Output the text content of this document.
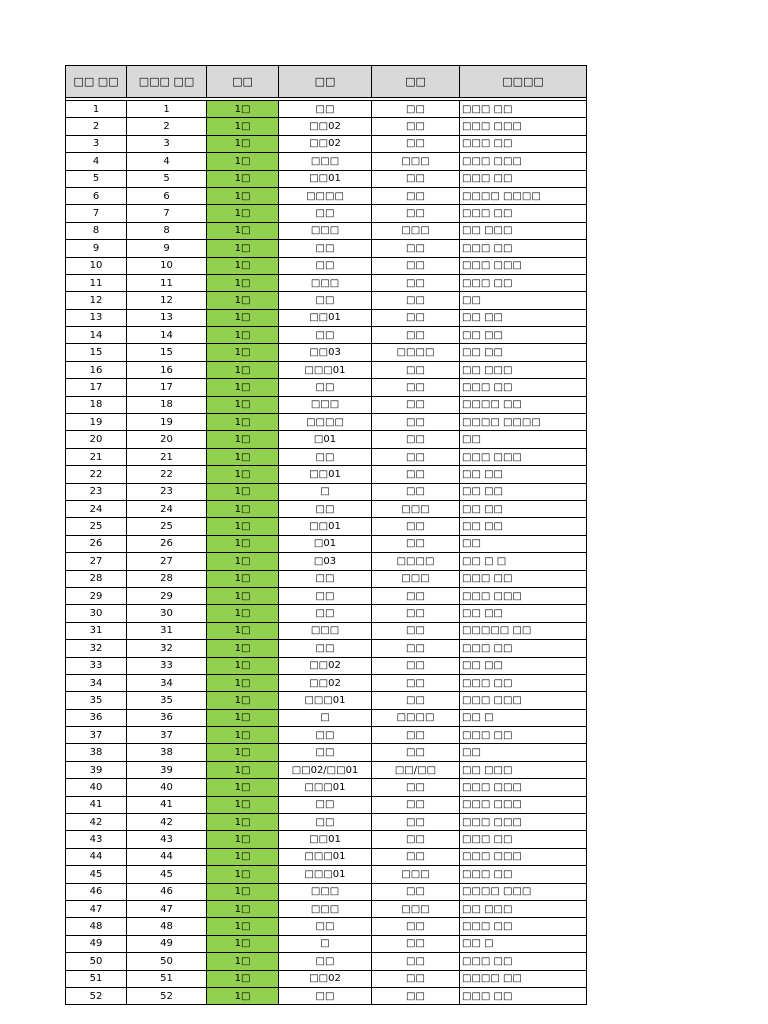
□□ □□	□□□ □□	□□	□□	□□	□□□□

1	1	1□	□□	□□	□□□ □□
2	2	1□	□□02	□□	□□□ □□□
3	3	1□	□□02	□□	□□□ □□
4	4	1□	□□□	□□□	□□□ □□□
5	5	1□	□□01	□□	□□□ □□
6	6	1□	□□□□	□□	□□□□ □□□□
7	7	1□	□□	□□	□□□ □□
8	8	1□	□□□	□□□	□□ □□□
9	9	1□	□□	□□	□□□ □□
10	10	1□	□□	□□	□□□ □□□
11	11	1□	□□□	□□	□□□ □□
12	12	1□	□□	□□	□□
13	13	1□	□□01	□□	□□ □□
14	14	1□	□□	□□	□□ □□
15	15	1□	□□03	□□□□	□□ □□
16	16	1□	□□□01	□□	□□ □□□
17	17	1□	□□	□□	□□□ □□
18	18	1□	□□□	□□	□□□□ □□
19	19	1□	□□□□	□□	□□□□ □□□□
20	20	1□	□01	□□	□□
21	21	1□	□□	□□	□□□ □□□
22	22	1□	□□01	□□	□□ □□
23	23	1□	□	□□	□□ □□
24	24	1□	□□	□□□	□□ □□
25	25	1□	□□01	□□	□□ □□
26	26	1□	□01	□□	□□
27	27	1□	□03	□□□□	□□ □ □
28	28	1□	□□	□□□	□□□ □□
29	29	1□	□□	□□	□□□ □□□
30	30	1□	□□	□□	□□ □□
31	31	1□	□□□	□□	□□□□□ □□
32	32	1□	□□	□□	□□□ □□
33	33	1□	□□02	□□	□□ □□
34	34	1□	□□02	□□	□□□ □□
35	35	1□	□□□01	□□	□□□ □□□
36	36	1□	□	□□□□	□□ □
37	37	1□	□□	□□	□□□ □□
38	38	1□	□□	□□	□□
39	39	1□	□□02/□□01	□□/□□	□□ □□□
40	40	1□	□□□01	□□	□□□ □□□
41	41	1□	□□	□□	□□□ □□□
42	42	1□	□□	□□	□□□ □□□
43	43	1□	□□01	□□	□□□ □□
44	44	1□	□□□01	□□	□□□ □□□
45	45	1□	□□□01	□□□	□□□ □□
46	46	1□	□□□	□□	□□□□ □□□
47	47	1□	□□□	□□□	□□ □□□
48	48	1□	□□	□□	□□□ □□
49	49	1□	□	□□	□□ □
50	50	1□	□□	□□	□□□ □□
51	51	1□	□□02	□□	□□□□ □□
52	52	1□	□□	□□	□□□ □□
